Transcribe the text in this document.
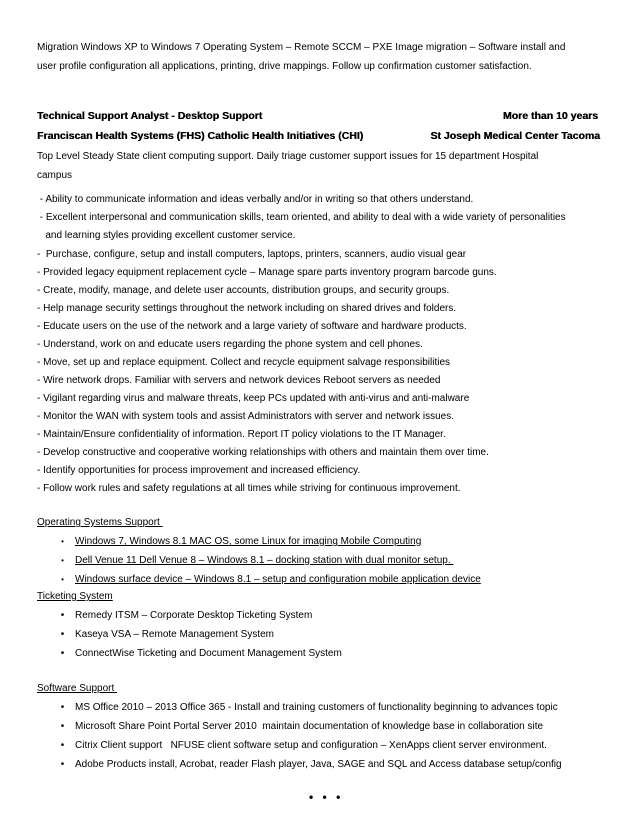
Migration Windows XP to Windows 7 Operating System – Remote SCCM – PXE Image migration – Software install and
user profile configuration all applications, printing, drive mappings. Follow up confirmation customer satisfaction.
Technical Support Analyst - Desktop Support	More than 10 years
Franciscan Health Systems (FHS) Catholic Health Initiatives (CHI)	St Joseph Medical Center Tacoma
Top Level Steady State client computing support. Daily triage customer support issues for 15 department Hospital
campus
- Ability to communicate information and ideas verbally and/or in writing so that others understand.
- Excellent interpersonal and communication skills, team oriented, and ability to deal with a wide variety of personalities
and learning styles providing excellent customer service.
-  Purchase, configure, setup and install computers, laptops, printers, scanners, audio visual gear
- Provided legacy equipment replacement cycle – Manage spare parts inventory program barcode guns.
- Create, modify, manage, and delete user accounts, distribution groups, and security groups.
- Help manage security settings throughout the network including on shared drives and folders.
- Educate users on the use of the network and a large variety of software and hardware products.
- Understand, work on and educate users regarding the phone system and cell phones.
- Move, set up and replace equipment. Collect and recycle equipment salvage responsibilities
- Wire network drops. Familiar with servers and network devices Reboot servers as needed
- Vigilant regarding virus and malware threats, keep PCs updated with anti-virus and anti-malware
- Monitor the WAN with system tools and assist Administrators with server and network issues.
- Maintain/Ensure confidentiality of information. Report IT policy violations to the IT Manager.
- Develop constructive and cooperative working relationships with others and maintain them over time.
- Identify opportunities for process improvement and increased efficiency.
- Follow work rules and safety regulations at all times while striving for continuous improvement.
Operating Systems Support
• Windows 7, Windows 8.1 MAC OS, some Linux for imaging Mobile Computing
• Dell Venue 11 Dell Venue 8 – Windows 8.1 – docking station with dual monitor setup.
• Windows surface device – Windows 8.1 – setup and configuration mobile application device
Ticketing System
• Remedy ITSM – Corporate Desktop Ticketing System
• Kaseya VSA – Remote Management System
• ConnectWise Ticketing and Document Management System
Software Support
• MS Office 2010 – 2013 Office 365 - Install and training customers of functionality beginning to advances topic
• Microsoft Share Point Portal Server 2010  maintain documentation of knowledge base in collaboration site
• Citrix Client support   NFUSE client software setup and configuration – XenApps client server environment.
• Adobe Products install, Acrobat, reader Flash player, Java, SAGE and SQL and Access database setup/config
• • •
